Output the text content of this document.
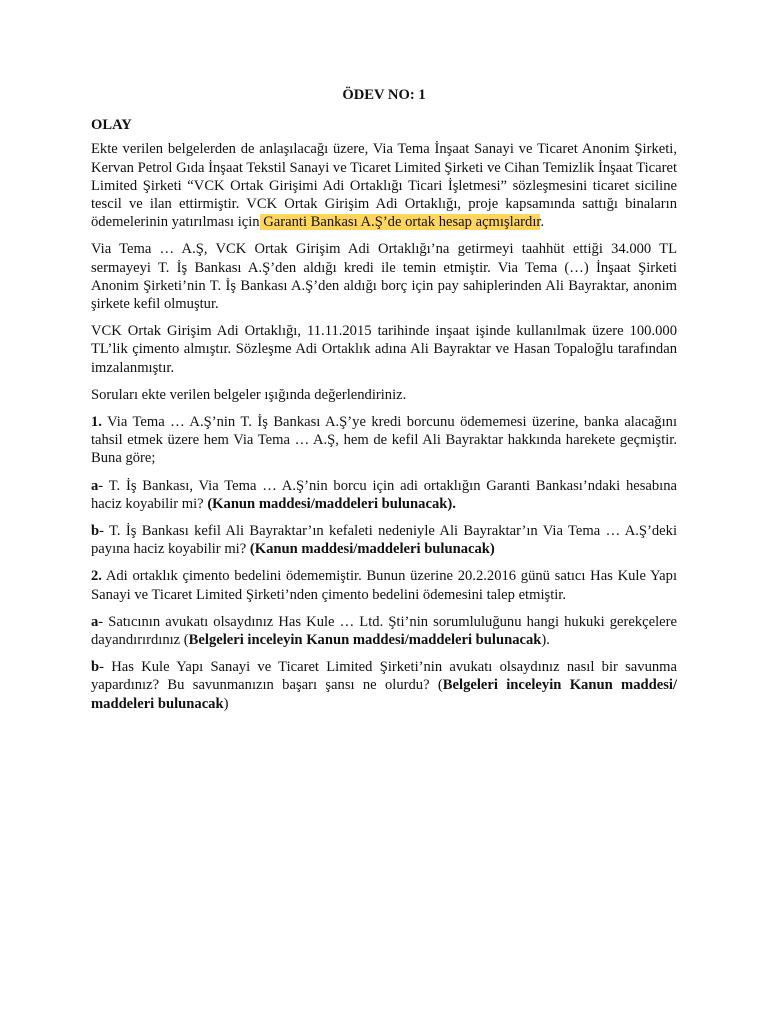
ÖDEV NO: 1
OLAY

Ekte verilen belgelerden de anlaşılacağı üzere, Via Tema İnşaat Sanayi ve Ticaret Anonim Şirketi, Kervan Petrol Gıda İnşaat Tekstil Sanayi ve Ticaret Limited Şirketi ve Cihan Temizlik İnşaat Ticaret Limited Şirketi “VCK Ortak Girişimi Adi Ortaklığı Ticari İşletmesi” sözleşmesini ticaret siciline tescil ve ilan ettirmiştir. VCK Ortak Girişim Adi Ortaklığı, proje kapsamında sattığı binaların ödemelerinin yatırılması için Garanti Bankası A.Ş’de ortak hesap açmışlardır.

Via Tema … A.Ş, VCK Ortak Girişim Adi Ortaklığı’na getirmeyi taahhüt ettiği 34.000 TL sermayeyi T. İş Bankası A.Ş’den aldığı kredi ile temin etmiştir. Via Tema (…) İnşaat Şirketi Anonim Şirketi’nin T. İş Bankası A.Ş’den aldığı borç için pay sahiplerinden Ali Bayraktar, anonim şirkete kefil olmuştur.

VCK Ortak Girişim Adi Ortaklığı, 11.11.2015 tarihinde inşaat işinde kullanılmak üzere 100.000 TL’lik çimento almıştır. Sözleşme Adi Ortaklık adına Ali Bayraktar ve Hasan Topaloğlu tarafından imzalanmıştır.

Soruları ekte verilen belgeler ışığında değerlendiriniz.

1. Via Tema … A.Ş’nin T. İş Bankası A.Ş’ye kredi borcunu ödememesi üzerine, banka alacağını tahsil etmek üzere hem Via Tema … A.Ş, hem de kefil Ali Bayraktar hakkında harekete geçmiştir. Buna göre;

a- T. İş Bankası, Via Tema … A.Ş’nin borcu için adi ortaklığın Garanti Bankası’ndaki hesabına haciz koyabilir mi? (Kanun maddesi/maddeleri bulunacak).

b- T. İş Bankası kefil Ali Bayraktar’ın kefaleti nedeniyle Ali Bayraktar’ın Via Tema … A.Ş’deki payına haciz koyabilir mi? (Kanun maddesi/maddeleri bulunacak)

2. Adi ortaklık çimento bedelini ödememiştir. Bunun üzerine 20.2.2016 günü satıcı Has Kule Yapı Sanayi ve Ticaret Limited Şirketi’nden çimento bedelini ödemesini talep etmiştir.

a- Satıcının avukatı olsaydınız Has Kule … Ltd. Şti’nin sorumluluğunu hangi hukuki gerekçelere dayandırırdınız (Belgeleri inceleyin Kanun maddesi/maddeleri bulunacak).

b- Has Kule Yapı Sanayi ve Ticaret Limited Şirketi’nin avukatı olsaydınız nasıl bir savunma yapardınız? Bu savunmanızın başarı şansı ne olurdu? (Belgeleri inceleyin Kanun maddesi/ maddeleri bulunacak)
